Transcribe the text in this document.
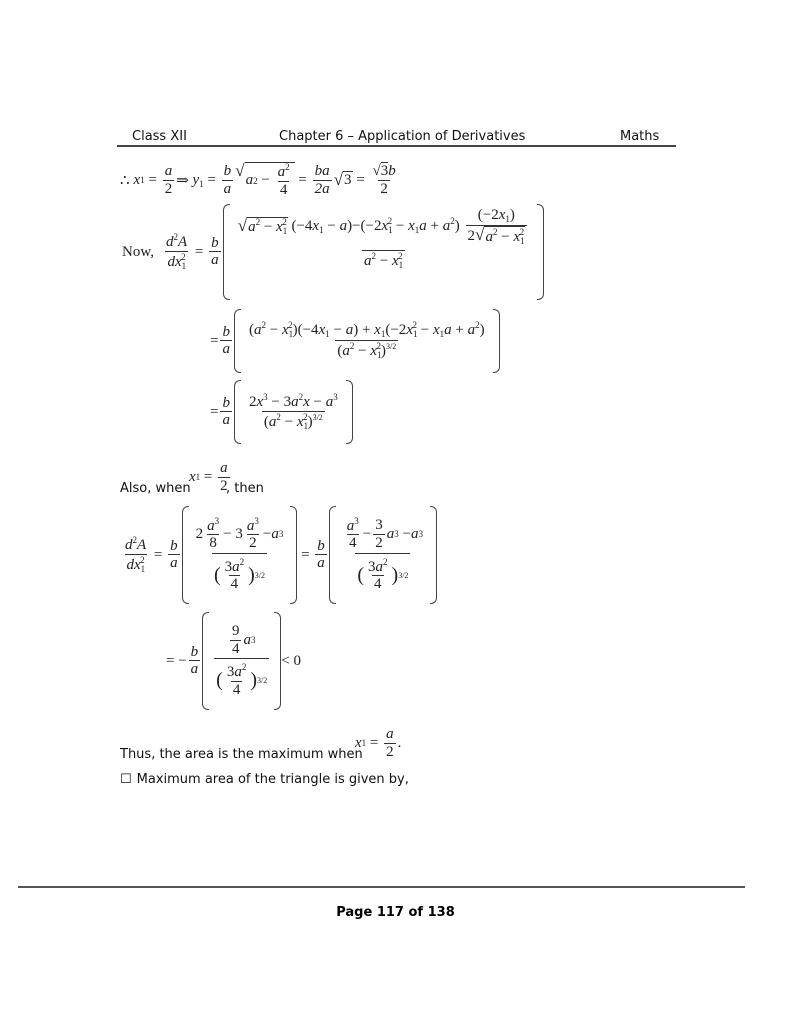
Class XII	Chapter 6 – Application of Derivatives	Maths
∴ x $1 = \frac{a}{2}$ ⇒ $y_1 = \frac{b}{a}$ √
a $2 - \frac{a^2}{4} = \frac{ba}{2a}$ √ $3 = \frac{√3b}{2}$
Now, $\frac{d^2A}{dx_1^2} = \frac{b}{a}$
√ $a^2 - x_1^2$ $(-4x_1 - a)-(-2x_1^2 - x_1a + a^2) \frac{(-2x_1)}{2 √ a^2 - x_1^2}$
$a^2 - x_1^2$
= $\frac{b}{a} \frac{(a^2 - x_1^2)(-4x_1 - a) + x_1(-2x_1^2 - x_1a + a^2)}{(a^2 - x_1^2)^{3/2}}$
= $\frac{b}{a} \frac{2x^3 - 3a^2x - a^3}{(a^2 - x_1^2)^{3/2}}$
Also, when
x $1 = \frac{a}{2}$
, then
$\frac{d^2A}{dx_1^2} = \frac{b}{a} \frac{2 \frac{a^3}{8} - 3 \frac{a^3}{2} - a 3}{( \frac{3a^2}{4} ) 3/2} = \frac{b}{a} \frac{\frac{a^3}{4} - \frac{3}{2} a 3 - a 3}{( \frac{3a^2}{4} ) 3/2}$
= − $\frac{b}{a} \frac{\frac{9}{4} a 3}{( \frac{3a^2}{4} ) 3/2} < 0$
Thus, the area is the maximum when
x $1 = \frac{a}{2}$ .
☐ Maximum area of the triangle is given by,
Page 117 of 138
